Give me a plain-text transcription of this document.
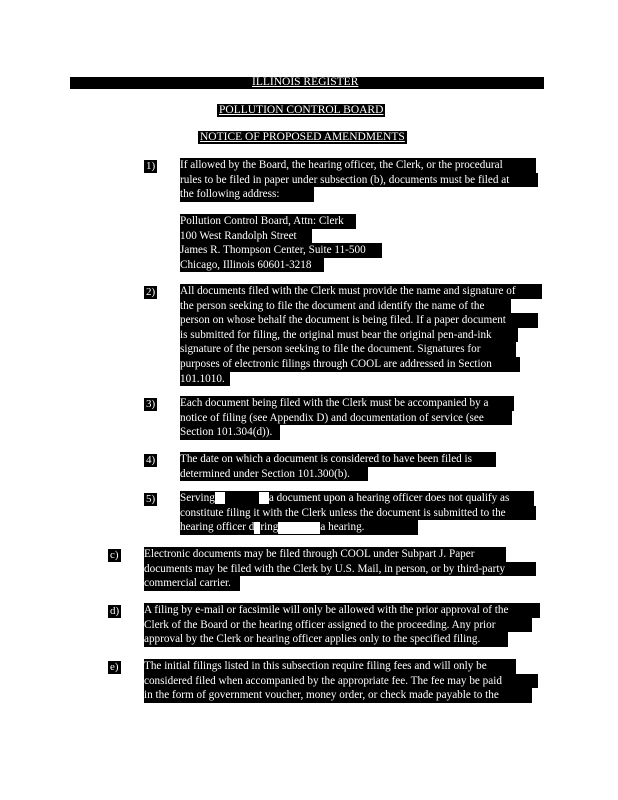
ILLINOIS REGISTER
POLLUTION CONTROL BOARD
NOTICE OF PROPOSED AMENDMENTS
1) If allowed by the Board, the hearing officer, the Clerk, or the procedural
rules to be filed in paper under subsection (b), documents must be filed at
the following address:
Pollution Control Board, Attn: Clerk
100 West Randolph Street
James R. Thompson Center, Suite 11-500
Chicago, Illinois 60601-3218
2) All documents filed with the Clerk must provide the name and signature of
the person seeking to file the document and identify the name of the
person on whose behalf the document is being filed. If a paper document
is submitted for filing, the original must bear the original pen-and-ink
signature of the person seeking to file the document. Signatures for
purposes of electronic filings through COOL are addressed in Section
101.1010.
3) Each document being filed with the Clerk must be accompanied by a
notice of filing (see Appendix D) and documentation of service (see
Section 101.304(d)).
4) The date on which a document is considered to have been filed is
determined under Section 101.300(b).
5) Serving	a document upon a hearing officer does not qualify as
constitute filing it with the Clerk unless the document is submitted to the
hearing officer d ring	a hearing.
c) Electronic documents may be filed through COOL under Subpart J. Paper
documents may be filed with the Clerk by U.S. Mail, in person, or by third-party
commercial carrier.
d) A filing by e-mail or facsimile will only be allowed with the prior approval of the
Clerk of the Board or the hearing officer assigned to the proceeding. Any prior
approval by the Clerk or hearing officer applies only to the specified filing.
e) The initial filings listed in this subsection require filing fees and will only be
considered filed when accompanied by the appropriate fee. The fee may be paid
in the form of government voucher, money order, or check made payable to the
